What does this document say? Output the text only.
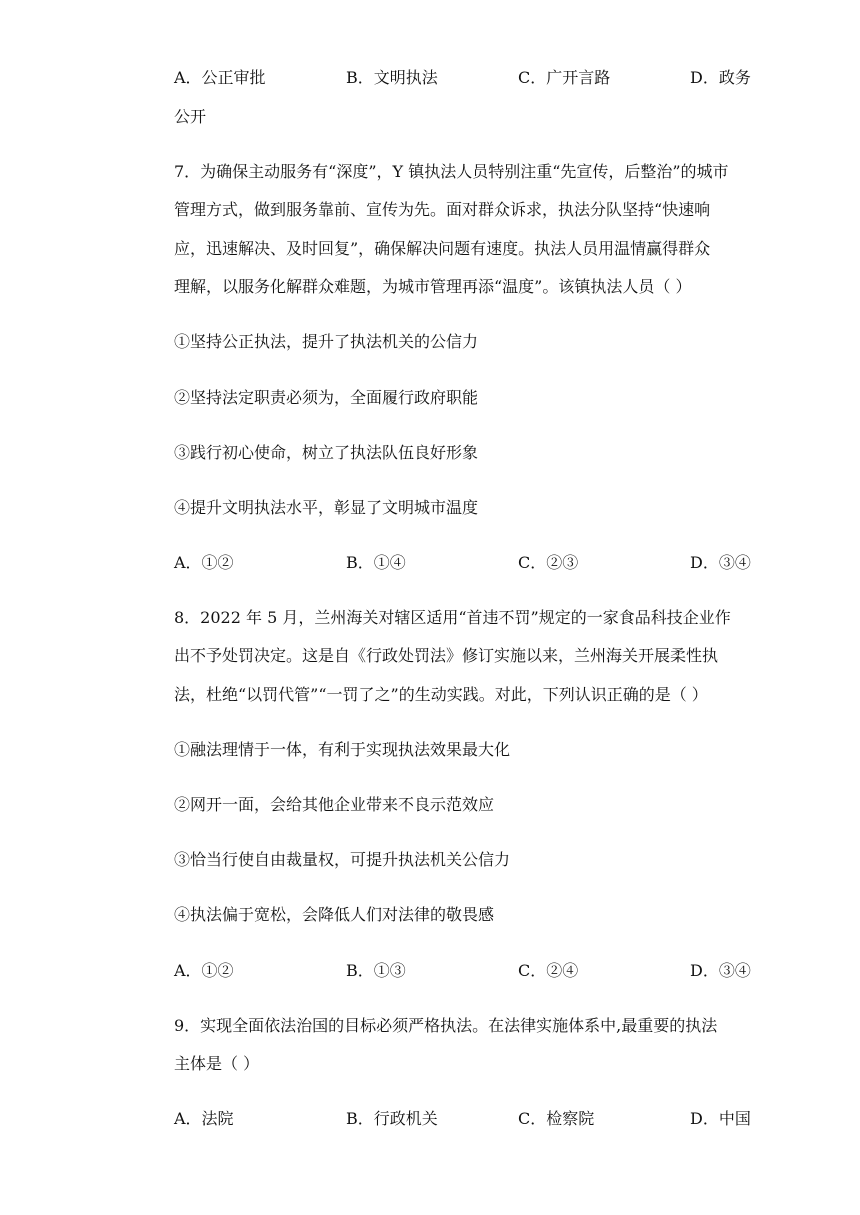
A．公正审批	B．文明执法	C．广开言路	D．政务
公开
7．为确保主动服务有“深度”，Y 镇执法人员特别注重“先宣传，后整治”的城市
管理方式，做到服务靠前、宣传为先。面对群众诉求，执法分队坚持“快速响
应，迅速解决、及时回复”，确保解决问题有速度。执法人员用温情赢得群众
理解，以服务化解群众难题，为城市管理再添“温度”。该镇执法人员（ ）
①坚持公正执法，提升了执法机关的公信力
②坚持法定职责必须为，全面履行政府职能
③践行初心使命，树立了执法队伍良好形象
④提升文明执法水平，彰显了文明城市温度
A．①②	B．①④	C．②③	D．③④
8．2022 年 5 月，兰州海关对辖区适用“首违不罚”规定的一家食品科技企业作
出不予处罚决定。这是自《行政处罚法》修订实施以来，兰州海关开展柔性执
法，杜绝“以罚代管”“一罚了之”的生动实践。对此，下列认识正确的是（ ）
①融法理情于一体，有利于实现执法效果最大化
②网开一面，会给其他企业带来不良示范效应
③恰当行使自由裁量权，可提升执法机关公信力
④执法偏于宽松，会降低人们对法律的敬畏感
A．①②	B．①③	C．②④	D．③④
9．实现全面依法治国的目标必须严格执法。在法律实施体系中,最重要的执法
主体是（ ）
A．法院	B．行政机关	C．检察院	D．中国
